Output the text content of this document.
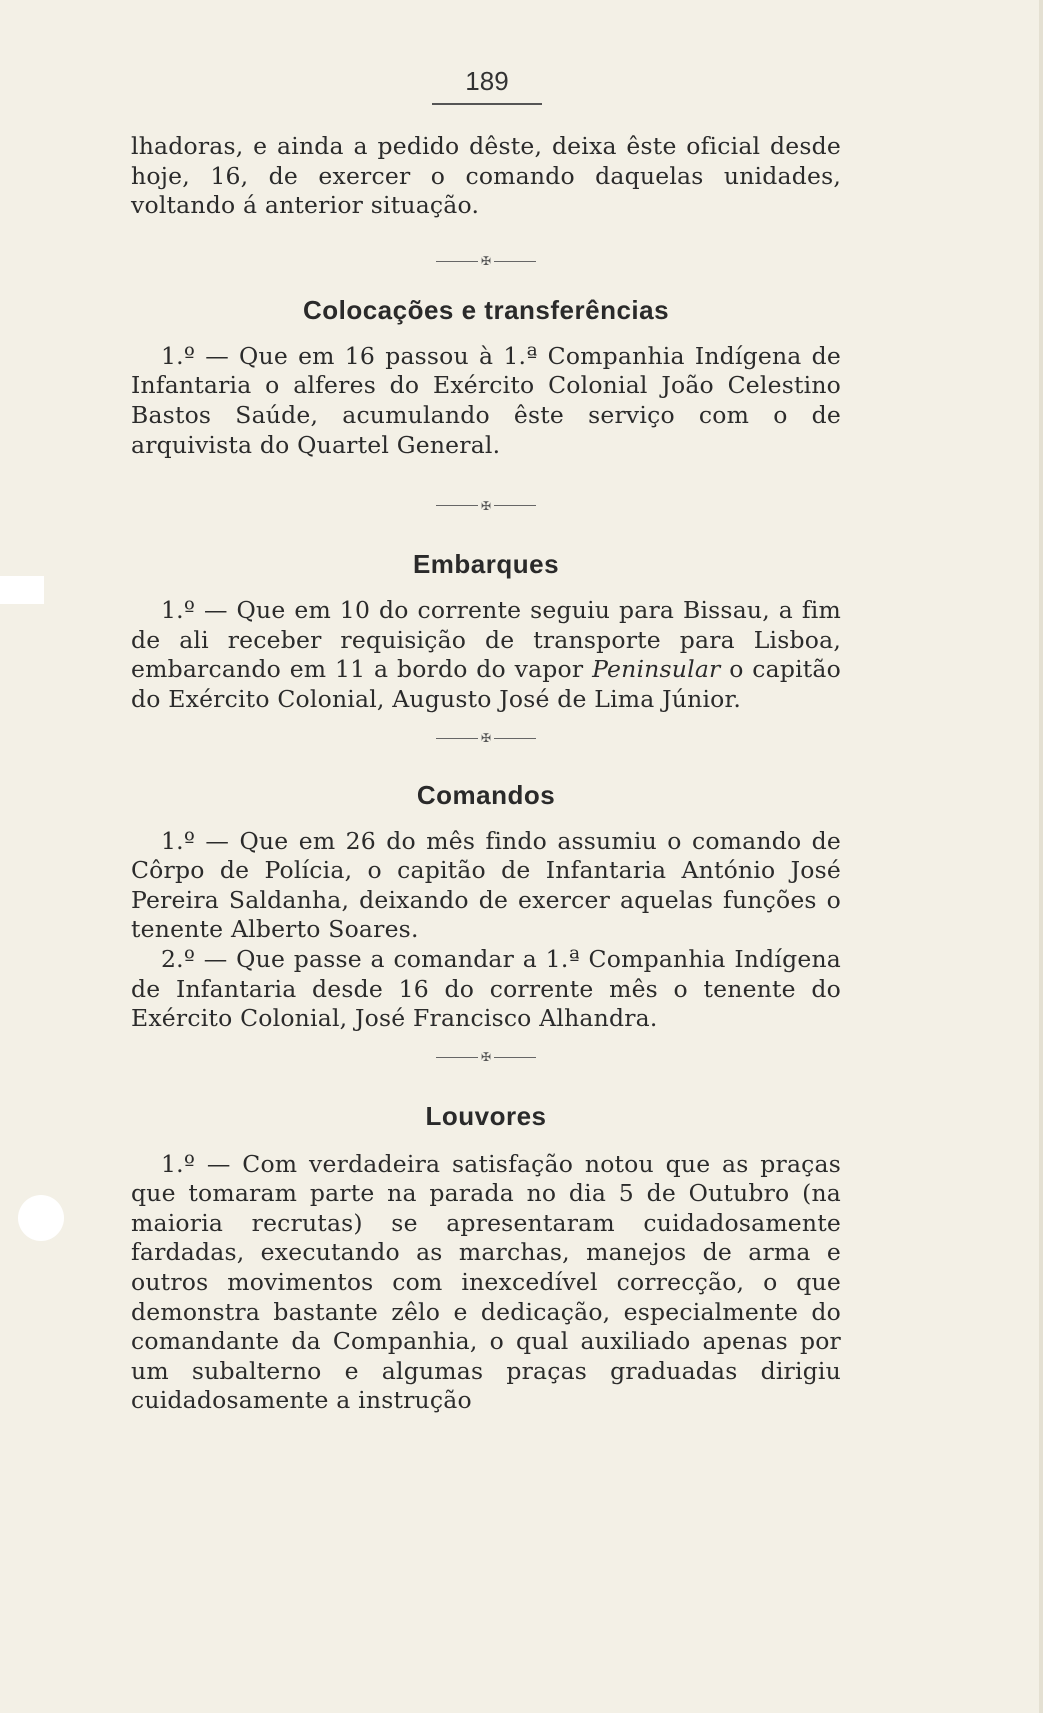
189

lhadoras, e ainda a pedido dêste, deixa êste oficial desde hoje, 16, de exercer o comando daquelas unidades, voltando á anterior situação.

✠
Colocações e transferências

1.º — Que em 16 passou à 1.ª Companhia Indígena de Infantaria o alferes do Exército Colonial João Celestino Bastos Saúde, acumulando êste serviço com o de arquivista do Quartel General.

✠
Embarques

1.º — Que em 10 do corrente seguiu para Bissau, a fim de ali receber requisição de transporte para Lisboa, embarcando em 11 a bordo do vapor Peninsular o capitão do Exército Colonial, Augusto José de Lima Júnior.

✠
Comandos

1.º — Que em 26 do mês findo assumiu o comando de Côrpo de Polícia, o capitão de Infantaria António José Pereira Saldanha, deixando de exercer aquelas funções o tenente Alberto Soares.

2.º — Que passe a comandar a 1.ª Companhia Indígena de Infantaria desde 16 do corrente mês o tenente do Exército Colonial, José Francisco Alhandra.

✠
Louvores

1.º — Com verdadeira satisfação notou que as praças que tomaram parte na parada no dia 5 de Outubro (na maioria recrutas) se apresentaram cuidadosamente fardadas, executando as marchas, manejos de arma e outros movimentos com inexcedível correcção, o que demonstra bastante zêlo e dedicação, especialmente do comandante da Companhia, o qual auxiliado apenas por um subalterno e algumas praças graduadas dirigiu cuidadosamente a instrução
